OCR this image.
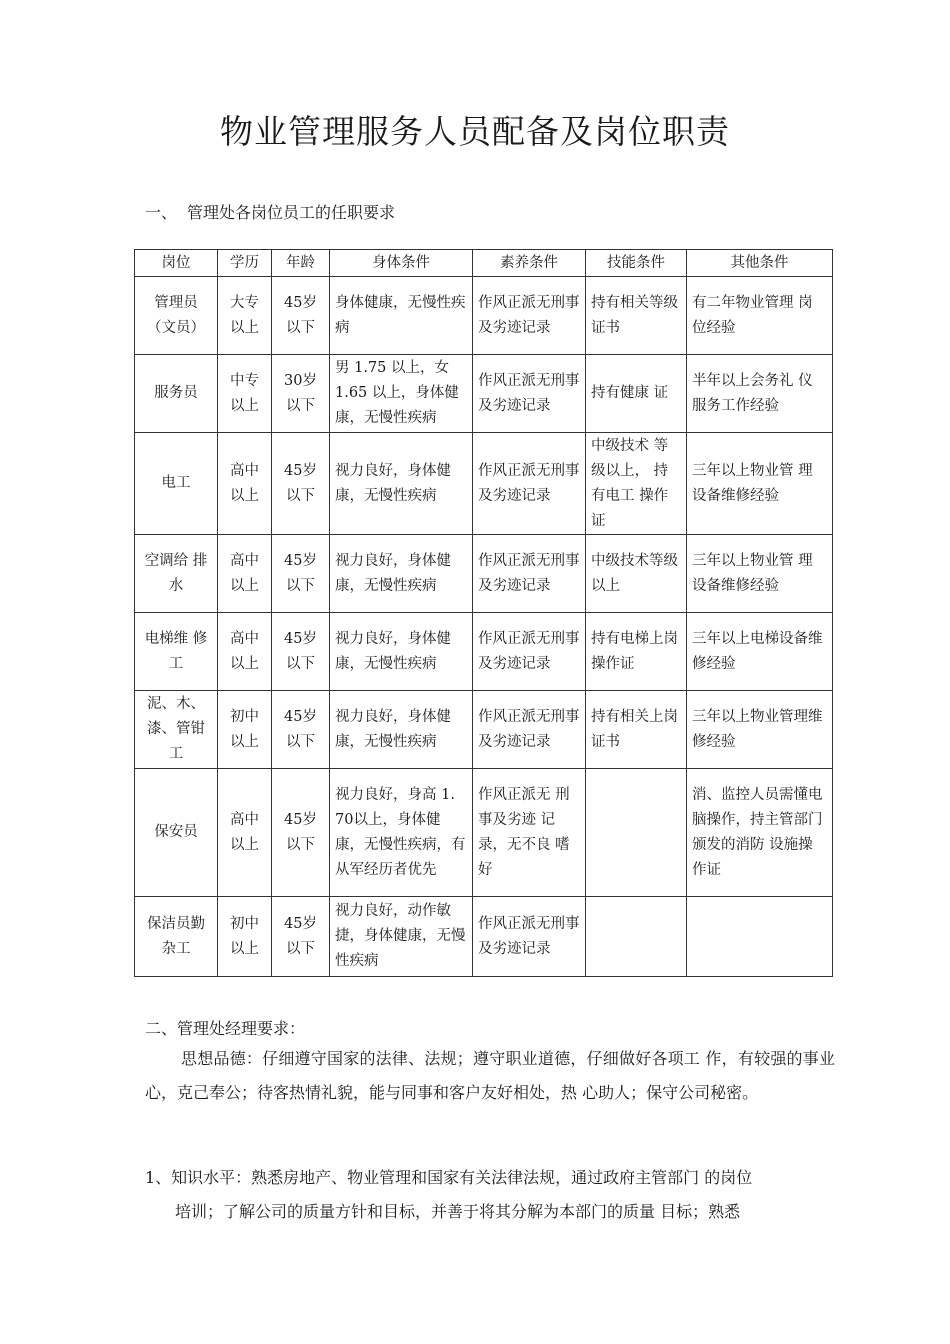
物业管理服务人员配备及岗位职责
一、 管理处各岗位员工的任职要求
岗位	学历	年龄	身体条件	素养条件	技能条件	其他条件
管理员（文员）	大专以上	45岁以下	身体健康，无慢性疾病	作风正派无刑事及劣迹记录	持有相关等级证书	有二年物业管理 岗位经验
服务员	中专以上	30岁以下	男 1.75 以上，女 1.65 以上，身体健康，无慢性疾病	作风正派无刑事及劣迹记录	持有健康 证	半年以上会务礼 仪服务工作经验
电工	高中以上	45岁以下	视力良好，身体健康，无慢性疾病	作风正派无刑事及劣迹记录	中级技术 等级以上， 持有电工 操作证	三年以上物业管 理设备维修经验
空调给 排水	高中以上	45岁以下	视力良好，身体健康，无慢性疾病	作风正派无刑事及劣迹记录	中级技术等级以上	三年以上物业管 理设备维修经验
电梯维 修工	高中以上	45岁以下	视力良好，身体健康，无慢性疾病	作风正派无刑事及劣迹记录	持有电梯上岗操作证	三年以上电梯设备维修经验
泥、木、漆、管钳工	初中以上	45岁以下	视力良好，身体健康，无慢性疾病	作风正派无刑事及劣迹记录	持有相关上岗证书	三年以上物业管理维修经验
保安员	高中以上	45岁以下	视力良好，身高 1. 70以上，身体健康，无慢性疾病，有从军经历者优先	作风正派无 刑事及劣迹 记录，无不良 嗜好		消、监控人员需懂电脑操作，持主管部门颁发的消防 设施操作证
保洁员勤杂工	初中以上	45岁以下	视力良好，动作敏捷，身体健康，无慢性疾病	作风正派无刑事及劣迹记录		
二、管理处经理要求：
思想品德：仔细遵守国家的法律、法规；遵守职业道德，仔细做好各项工 作，有较强的事业心，克己奉公；待客热情礼貌，能与同事和客户友好相处，热 心助人；保守公司秘密。
1、知识水平：熟悉房地产、物业管理和国家有关法律法规，通过政府主管部门 的岗位
培训；了解公司的质量方针和目标，并善于将其分解为本部门的质量 目标；熟悉
